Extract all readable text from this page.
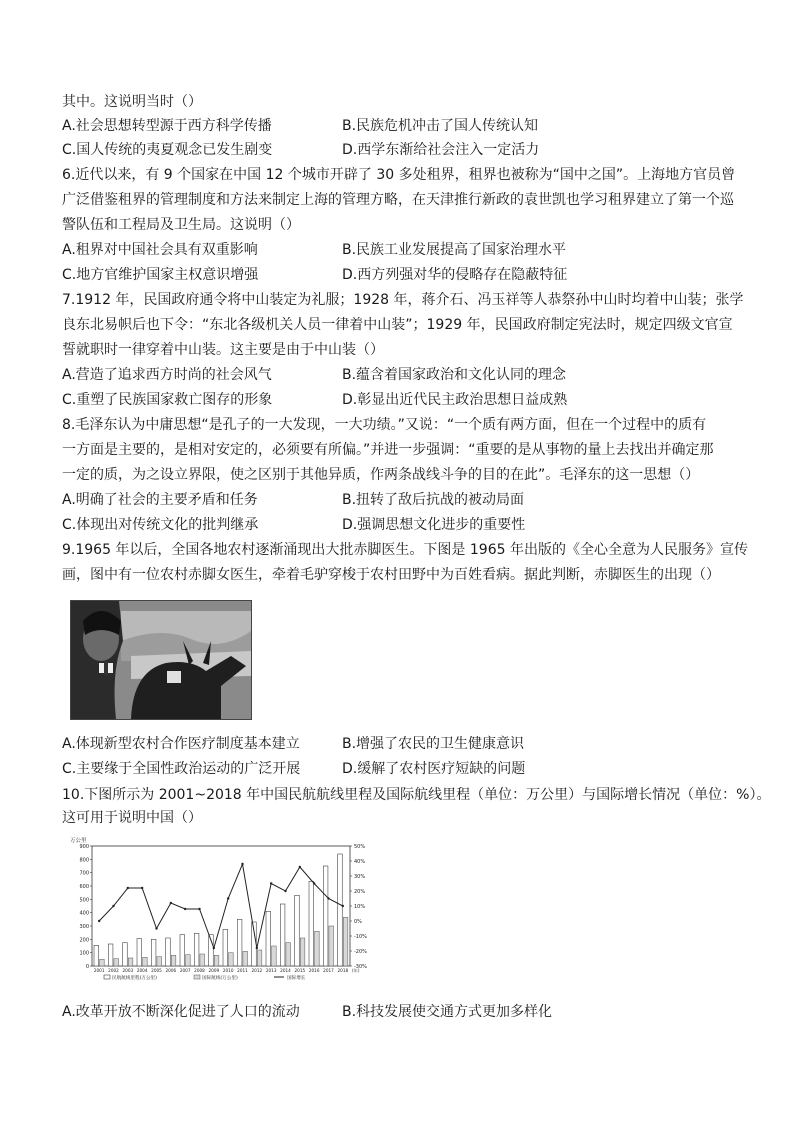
其中。这说明当时（）
A.社会思想转型源于西方科学传播	B.民族危机冲击了国人传统认知
C.国人传统的夷夏观念已发生剧变	D.西学东渐给社会注入一定活力
6.近代以来，有 9 个国家在中国 12 个城市开辟了 30 多处租界，租界也被称为“国中之国”。上海地方官员曾
广泛借鉴租界的管理制度和方法来制定上海的管理方略，在天津推行新政的袁世凯也学习租界建立了第一个巡
警队伍和工程局及卫生局。这说明（）
A.租界对中国社会具有双重影响	B.民族工业发展提高了国家治理水平
C.地方官维护国家主权意识增强	D.西方列强对华的侵略存在隐蔽特征
7.1912 年，民国政府通令将中山装定为礼服；1928 年，蒋介石、冯玉祥等人恭祭孙中山时均着中山装；张学
良东北易帜后也下令：“东北各级机关人员一律着中山装”；1929 年，民国政府制定宪法时，规定四级文官宣
誓就职时一律穿着中山装。这主要是由于中山装（）
A.营造了追求西方时尚的社会风气	B.蕴含着国家政治和文化认同的理念
C.重塑了民族国家救亡图存的形象	D.彰显出近代民主政治思想日益成熟
8.毛泽东认为中庸思想“是孔子的一大发现，一大功绩。”又说：“一个质有两方面，但在一个过程中的质有
一方面是主要的，是相对安定的，必须要有所偏。”并进一步强调：“重要的是从事物的量上去找出并确定那
一定的质，为之设立界限，使之区别于其他异质，作两条战线斗争的目的在此”。毛泽东的这一思想（）
A.明确了社会的主要矛盾和任务	B.扭转了敌后抗战的被动局面
C.体现出对传统文化的批判继承	D.强调思想文化进步的重要性
9.1965 年以后，全国各地农村逐渐涌现出大批赤脚医生。下图是 1965 年出版的《全心全意为人民服务》宣传
画，图中有一位农村赤脚女医生，牵着毛驴穿梭于农村田野中为百姓看病。据此判断，赤脚医生的出现（）
A.体现新型农村合作医疗制度基本建立	B.增强了农民的卫生健康意识
C.主要缘于全国性政治运动的广泛开展	D.缓解了农村医疗短缺的问题
10.下图所示为 2001~2018 年中国民航航线里程及国际航线里程（单位：万公里）与国际增长情况（单位：%）。
这可用于说明中国（）
0
100
200
300
400
500
600
700
800
900
万公里
-30%
-20%
-10%
0%
10%
20%
30%
40%
50%
2001 2002 2003 2004 2005 2006 2007 2008 2009 2010 2011 2012 2013 2014 2015 2016 2017 2018 (年)
民航航线里程(万公里)	国际航线(万公里)	国际增长
A.改革开放不断深化促进了人口的流动	B.科技发展使交通方式更加多样化
